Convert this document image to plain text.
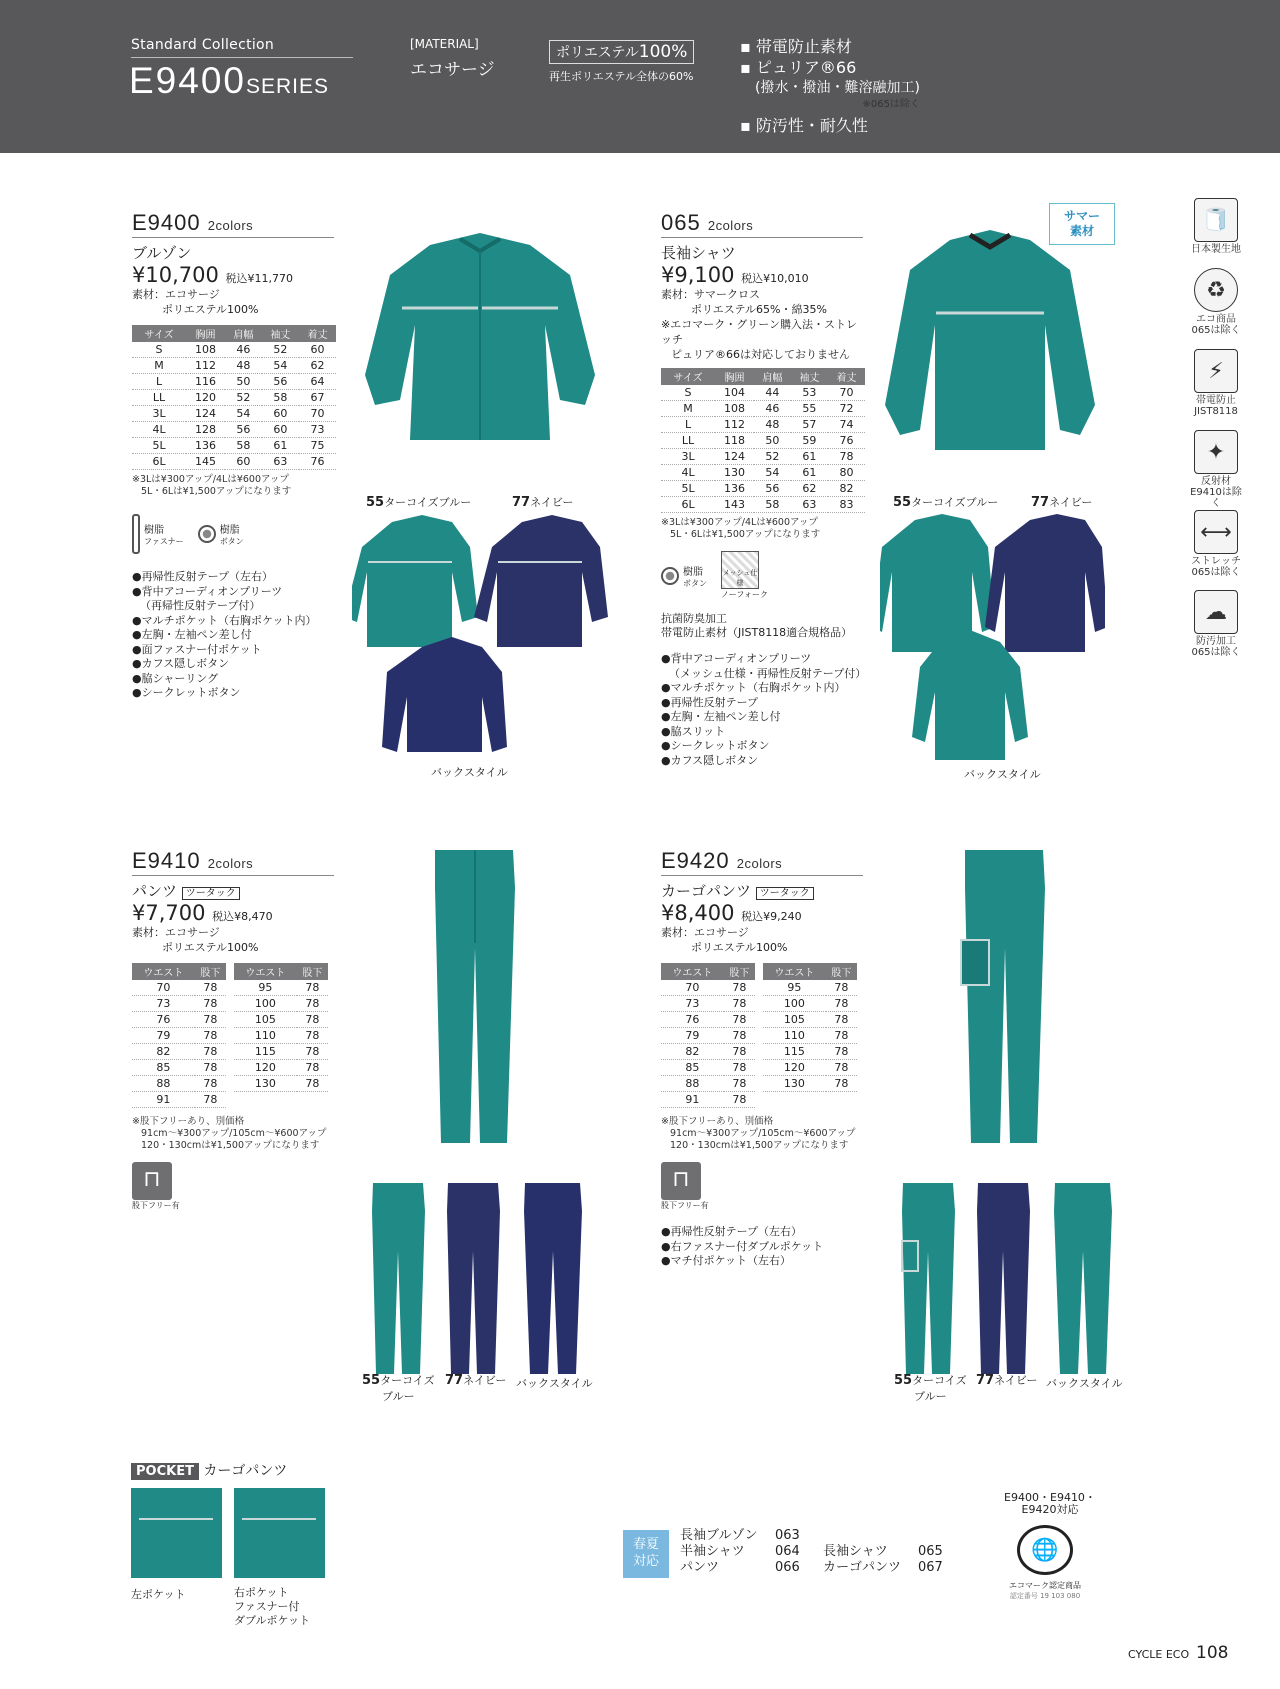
Standard Collection
E9400SERIES
[MATERIAL]
エコサージ
ポリエステル100%
再生ポリエステル全体の60%
▪ 帯電防止素材
▪ ピュリア®66
(撥水・撥油・難溶融加工)
※065は除く
▪ 防汚性・耐久性
E9400 2colors
ブルゾン
¥10,700 税込¥11,770
素材：エコサージ
ポリエステル100%
サイズ	胸囲	肩幅	袖丈	着丈
S	108	46	52	60
M	112	48	54	62
L	116	50	56	64
LL	120	52	58	67
3L	124	54	60	70
4L	128	56	60	73
5L	136	58	61	75
6L	145	60	63	76
※3Lは¥300アップ/4Lは¥600アップ
5L・6Lは¥1,500アップになります
樹脂
ファスナー
樹脂
ボタン
●再帰性反射テープ（左右）
●背中アコーディオンプリーツ
（再帰性反射テープ付）
●マルチポケット（右胸ポケット内）
●左胸・左袖ペン差し付
●面ファスナー付ポケット
●カフス隠しボタン
●脇シャーリング
●シークレットボタン
55ターコイズブルー	77ネイビー
バックスタイル
065 2colors
長袖シャツ
¥9,100 税込¥10,010
素材：サマークロス
ポリエステル65%・綿35%
※エコマーク・グリーン購入法・ストレッチ
ピュリア®66は対応しておりません
サイズ	胸囲	肩幅	袖丈	着丈
S	104	44	53	70
M	108	46	55	72
L	112	48	57	74
LL	118	50	59	76
3L	124	52	61	78
4L	130	54	61	80
5L	136	56	62	82
6L	143	58	63	83
※3Lは¥300アップ/4Lは¥600アップ
5L・6Lは¥1,500アップになります
樹脂
ボタン
メッシュ仕様
ノーフォーク
抗菌防臭加工
帯電防止素材（JIST8118適合規格品）
●背中アコーディオンプリーツ
（メッシュ仕様・再帰性反射テープ付）
●マルチポケット（右胸ポケット内）
●再帰性反射テープ
●左胸・左袖ペン差し付
●脇スリット
●シークレットボタン
●カフス隠しボタン
サマー
素材
55ターコイズブルー	77ネイビー
バックスタイル
🧻
日本製生地
♻
エコ商品
065は除く
⚡
帯電防止
JIST8118
✦
反射材
E9410は除く
⟷
ストレッチ
065は除く
☁
防汚加工
065は除く
E9410 2colors
パンツ ツータック
¥7,700 税込¥8,470
素材：エコサージ
ポリエステル100%
ウエスト	股下
70	78
73	78
76	78
79	78
82	78
85	78
88	78
91	78
ウエスト	股下
95	78
100	78
105	78
110	78
115	78
120	78
130	78
※股下フリーあり、別価格
91cm〜¥300アップ/105cm〜¥600アップ
120・130cmは¥1,500アップになります
⊓
股下フリー有
55ターコイズ
ブルー
77ネイビー バックスタイル
E9420 2colors
カーゴパンツ ツータック
¥8,400 税込¥9,240
素材：エコサージ
ポリエステル100%
ウエスト	股下
70	78
73	78
76	78
79	78
82	78
85	78
88	78
91	78
ウエスト	股下
95	78
100	78
105	78
110	78
115	78
120	78
130	78
※股下フリーあり、別価格
91cm〜¥300アップ/105cm〜¥600アップ
120・130cmは¥1,500アップになります
⊓
股下フリー有
●再帰性反射テープ（左右）
●右ファスナー付ダブルポケット
●マチ付ポケット（左右）
55ターコイズ
ブルー
77ネイビー バックスタイル
POCKET カーゴパンツ
左ポケット	右ポケット
ファスナー付
ダブルポケット
春夏
対応
長袖ブルゾン	063
半袖シャツ	064	長袖シャツ	065
パンツ	066	カーゴパンツ	067
E9400・E9410・
E9420対応
🌐
エコマーク認定商品
認定番号 19 103 080
CYCLE ECO 108
